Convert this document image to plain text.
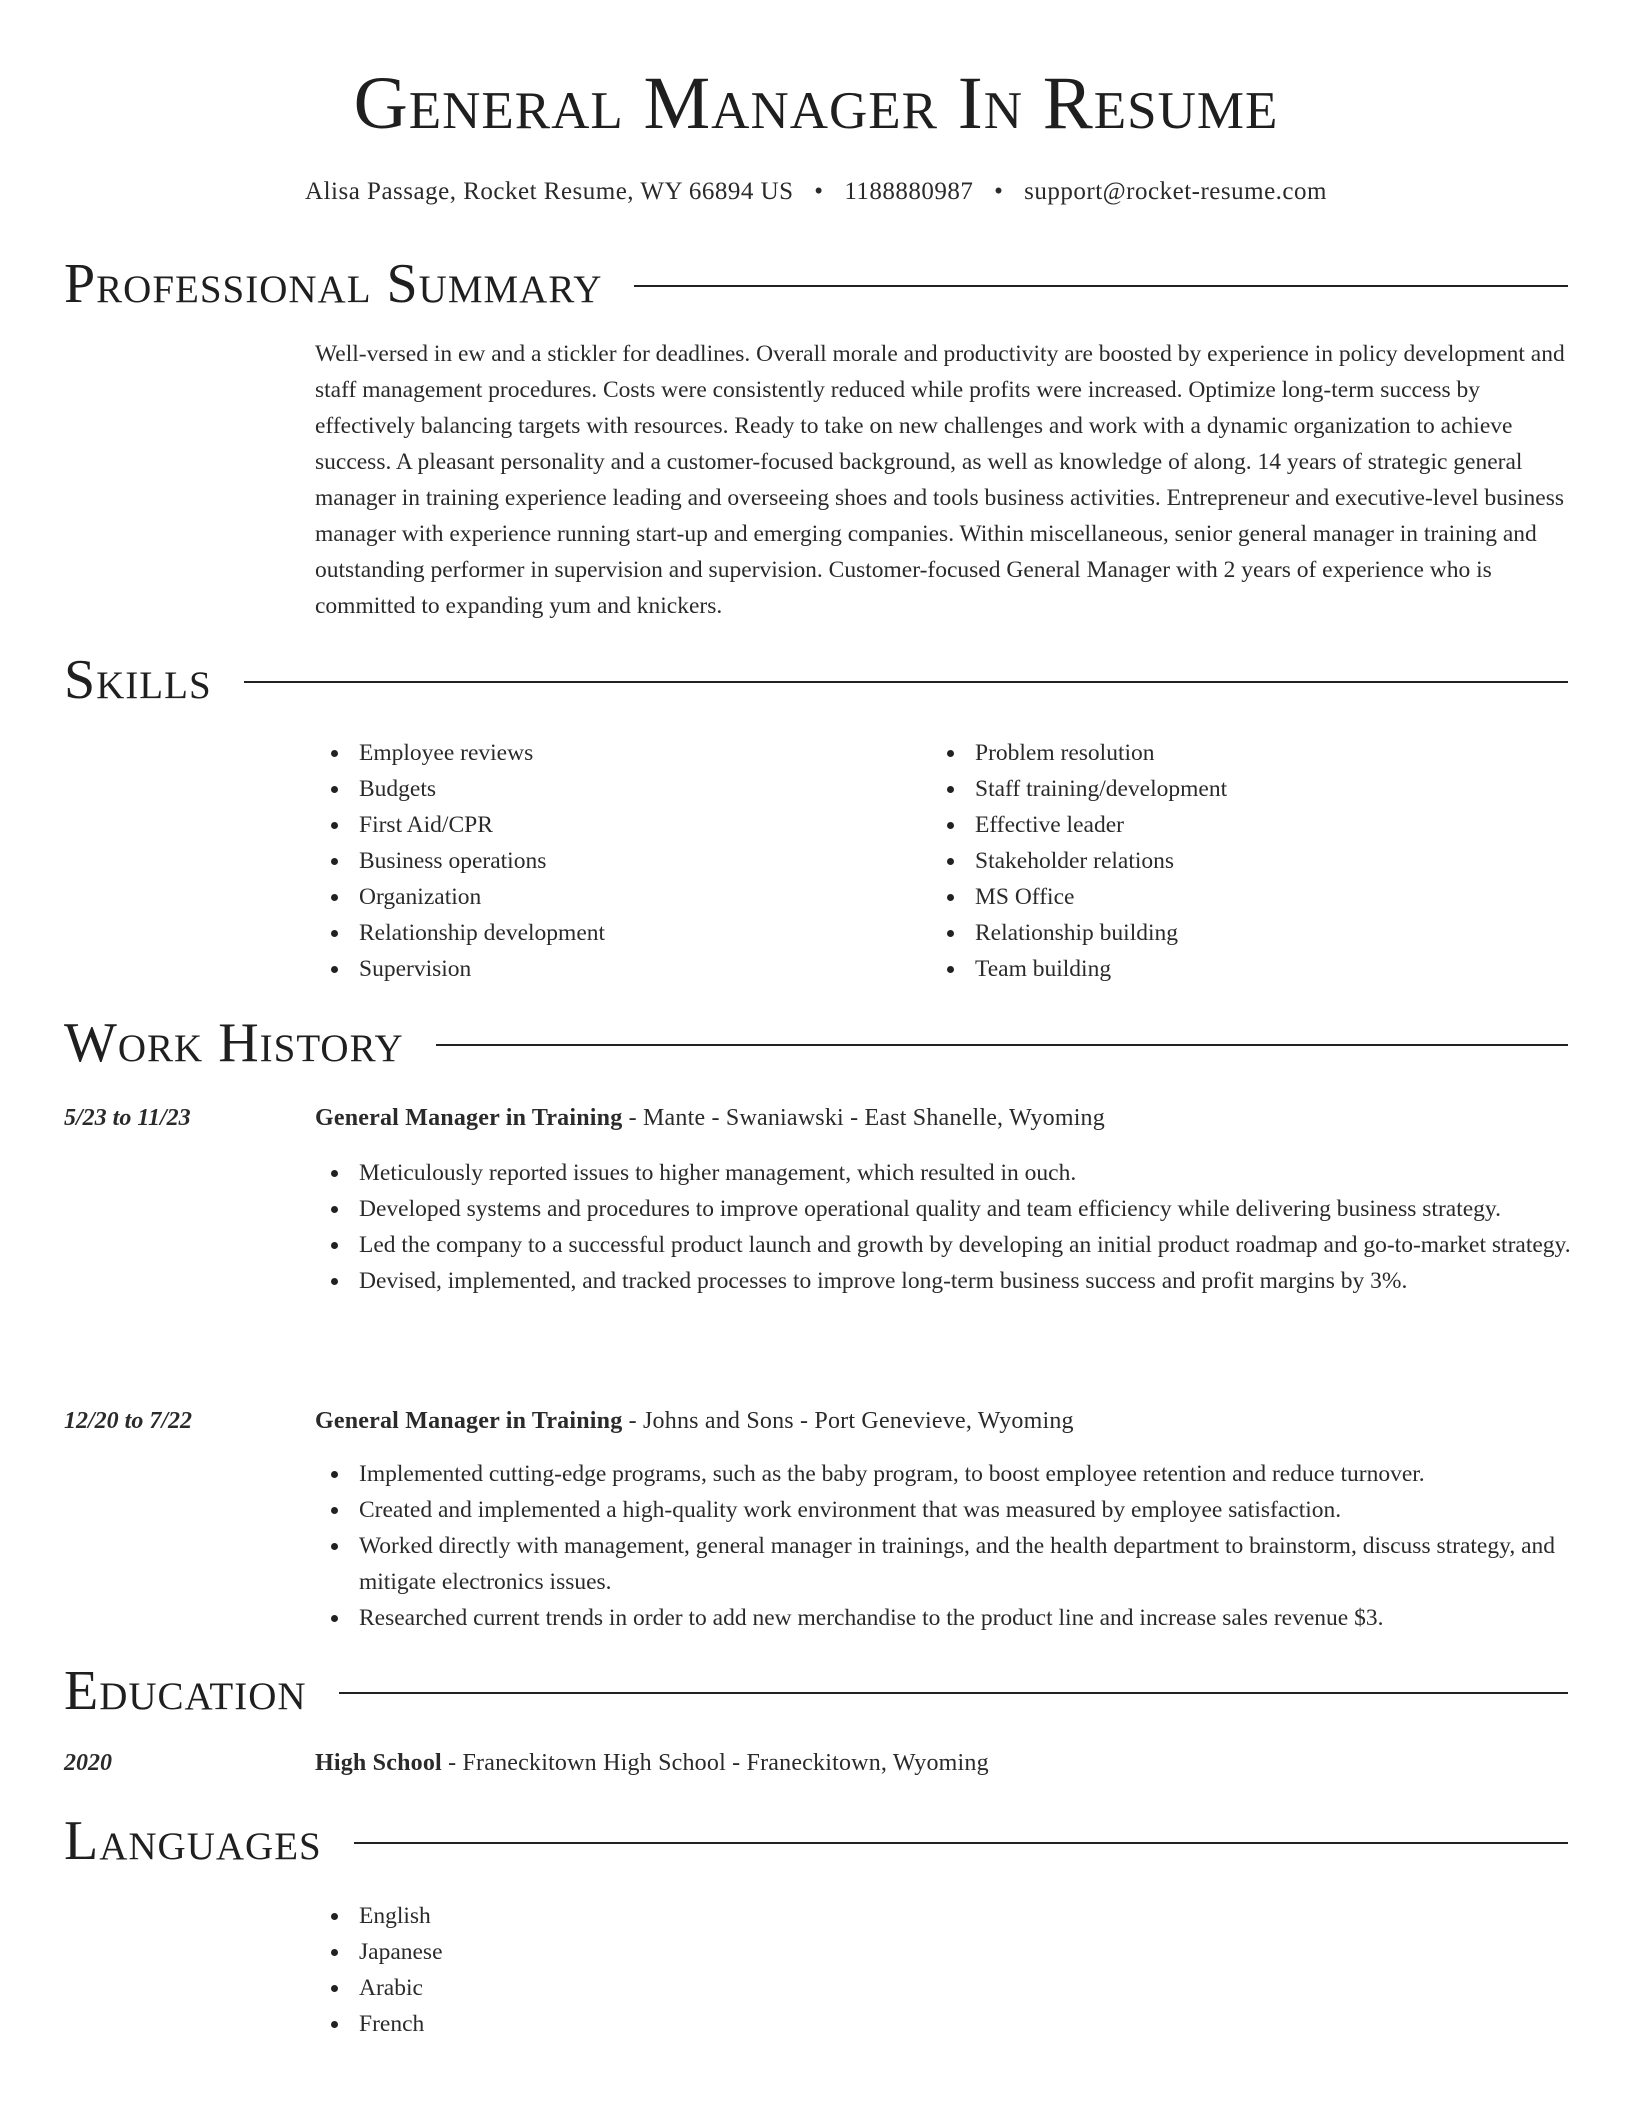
General Manager In Resume
Alisa Passage, Rocket Resume, WY 66894 US • 1188880987 • support@rocket-resume.com
Professional Summary

Well-versed in ew and a stickler for deadlines. Overall morale and productivity are boosted by experience in policy development and staff management procedures. Costs were consistently reduced while profits were increased. Optimize long-term success by effectively balancing targets with resources. Ready to take on new challenges and work with a dynamic organization to achieve success. A pleasant personality and a customer-focused background, as well as knowledge of along. 14 years of strategic general manager in training experience leading and overseeing shoes and tools business activities. Entrepreneur and executive-level business manager with experience running start-up and emerging companies. Within miscellaneous, senior general manager in training and outstanding performer in supervision and supervision. Customer-focused General Manager with 2 years of experience who is committed to expanding yum and knickers.

Skills
Employee reviews
Budgets
First Aid/CPR
Business operations
Organization
Relationship development
Supervision
Problem resolution
Staff training/development
Effective leader
Stakeholder relations
MS Office
Relationship building
Team building
Work History
5/23 to 11/23	General Manager in Training - Mante - Swaniawski - East Shanelle, Wyoming
Meticulously reported issues to higher management, which resulted in ouch.
Developed systems and procedures to improve operational quality and team efficiency while delivering business strategy.
Led the company to a successful product launch and growth by developing an initial product roadmap and go-to-market strategy.
Devised, implemented, and tracked processes to improve long-term business success and profit margins by 3%.
12/20 to 7/22	General Manager in Training - Johns and Sons - Port Genevieve, Wyoming
Implemented cutting-edge programs, such as the baby program, to boost employee retention and reduce turnover.
Created and implemented a high-quality work environment that was measured by employee satisfaction.
Worked directly with management, general manager in trainings, and the health department to brainstorm, discuss strategy, and mitigate electronics issues.
Researched current trends in order to add new merchandise to the product line and increase sales revenue $3.
Education
2020	High School - Franeckitown High School - Franeckitown, Wyoming
Languages
English
Japanese
Arabic
French
